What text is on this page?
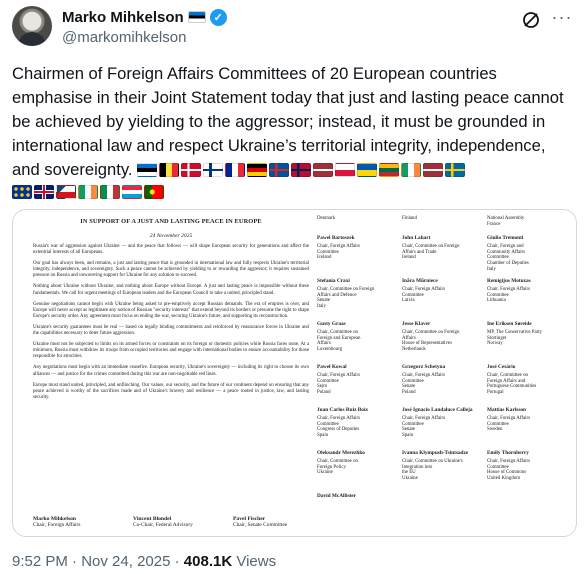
Marko Mihkelson	✓
@markomihkelson
···
Chairmen of Foreign Affairs Committees of 20 European countries emphasise in their Joint Statement today that just and lasting peace cannot be achieved by yielding to the aggressor; instead, it must be grounded in international law and respect Ukraine’s territorial integrity, independence, and sovereignty.
IN SUPPORT OF A JUST AND LASTING PEACE IN EUROPE
24 November 2025
Russia's war of aggression against Ukraine — and the peace that follows — will shape European security for generations and affect the extentrial interests of all Europeans.
Our goal has always been, and remains, a just and lasting peace that is grounded in international law and fully respects Ukraine's territorial integrity, independence, and sovereignty. Such a peace cannot be achieved by yielding to or rewarding the aggressor; it requires sustained pressure on Russia and unwavering support for Ukraine for any solution to succeed.
Nothing about Ukraine without Ukraine, and nothing about Europe without Europe. A just and lasting peace is impossible without these fundamentals. We call for urgent meetings of European leaders and the European Council to take a united, principled stand.
Genuine negotiations cannot begin with Ukraine being asked to pre-emptively accept Russian demands. The era of empires is over, and Europe will never accept as legitimate any notion of Russian "security interests" that extend beyond its borders or presume the right to shape Europe's security order. Any agreement must focus on ending the war, securing Ukraine's future, and supporting its reconstruction.
Ukraine's security guarantees must be real — based on legally binding commitments and reinforced by reassurance forces in Ukraine and the capabilities necessary to deter future aggression.
Ukraine must not be subjected to limits on its armed forces or constraints on its foreign or domestic policies while Russia faces none. At a minimum, Russia must withdraw its troops from occupied territories and engage with international bodies to ensure accountability for those responsible for atrocities.
Any negotiations must begin with an immediate ceasefire. European security, Ukraine's sovereignty — including its right to choose its own alliances — and justice for the crimes committed during this war are non-negotiable red lines.
Europe must stand united, principled, and unflinching. Our values, our security, and the future of our continent depend on ensuring that any peace achieved is worthy of the sacrifices made and of Ukraine's bravery and resilience — a peace rooted in justice, law, and lasting security.
Marko Mihkelson
Chair, Foreign Affairs
Vincent Blondel
Co-Chair, Federal Advisory
Pavel Fischer
Chair, Senate Committee
Denmark	Finland	National Assembly
France
Pawel Bartoszek
Chair, Foreign Affairs
Committee
Iceland
John Lahart
Chair, Committee on Foreign
Affairs and Trade
Ireland
Giulio Tremonti
Chair, Foreign and
Community Affairs
Committee
Chamber of Deputies
Italy
Stefania Craxi
Chair, Committee on Foreign
Affairs and Defence
Senate
Italy
Ināra Mūrniece
Chair, Foreign Affairs
Committee
Latvia
Remigijus Motuzas
Chair, Foreign Affairs
Committee
Lithuania
Gusty Graas
Chair, Committee on
Foreign and European
Affairs
Luxembourg
Jesse Klaver
Chair, Committee on Foreign
Affairs
House of Representatives
Netherlands
Ine Eriksen Søreide
MP, The Conservative Party
Stortinget
Norway
Paweł Kowal
Chair, Foreign Affairs
Committee
Sejm
Poland
Grzegorz Schetyna
Chair, Foreign Affairs
Committee
Senate
Poland
José Cesário
Chair, Committee on
Foreign Affairs and
Portuguese Communities
Portugal
Juan Carlos Ruiz Boix
Chair, Foreign Affairs
Committee
Congress of Deputies
Spain
José Ignacio Landaluce Calleja
Chair, Foreign Affairs
Committee
Senate
Spain
Mattias Karlsson
Chair, Foreign Affairs
Committee
Sweden
Oleksandr Merezhko
Chair, Committee on
Foreign Policy
Ukraine
Ivanna Klympush-Tsintsadze
Chair, Committee on Ukraine's
Integration into
the EU
Ukraine
Emily Thornberry
Chair, Foreign Affairs
Committee
House of Commons
United Kingdom
David McAllister
9:52 PM · Nov 24, 2025 · 408.1K Views
